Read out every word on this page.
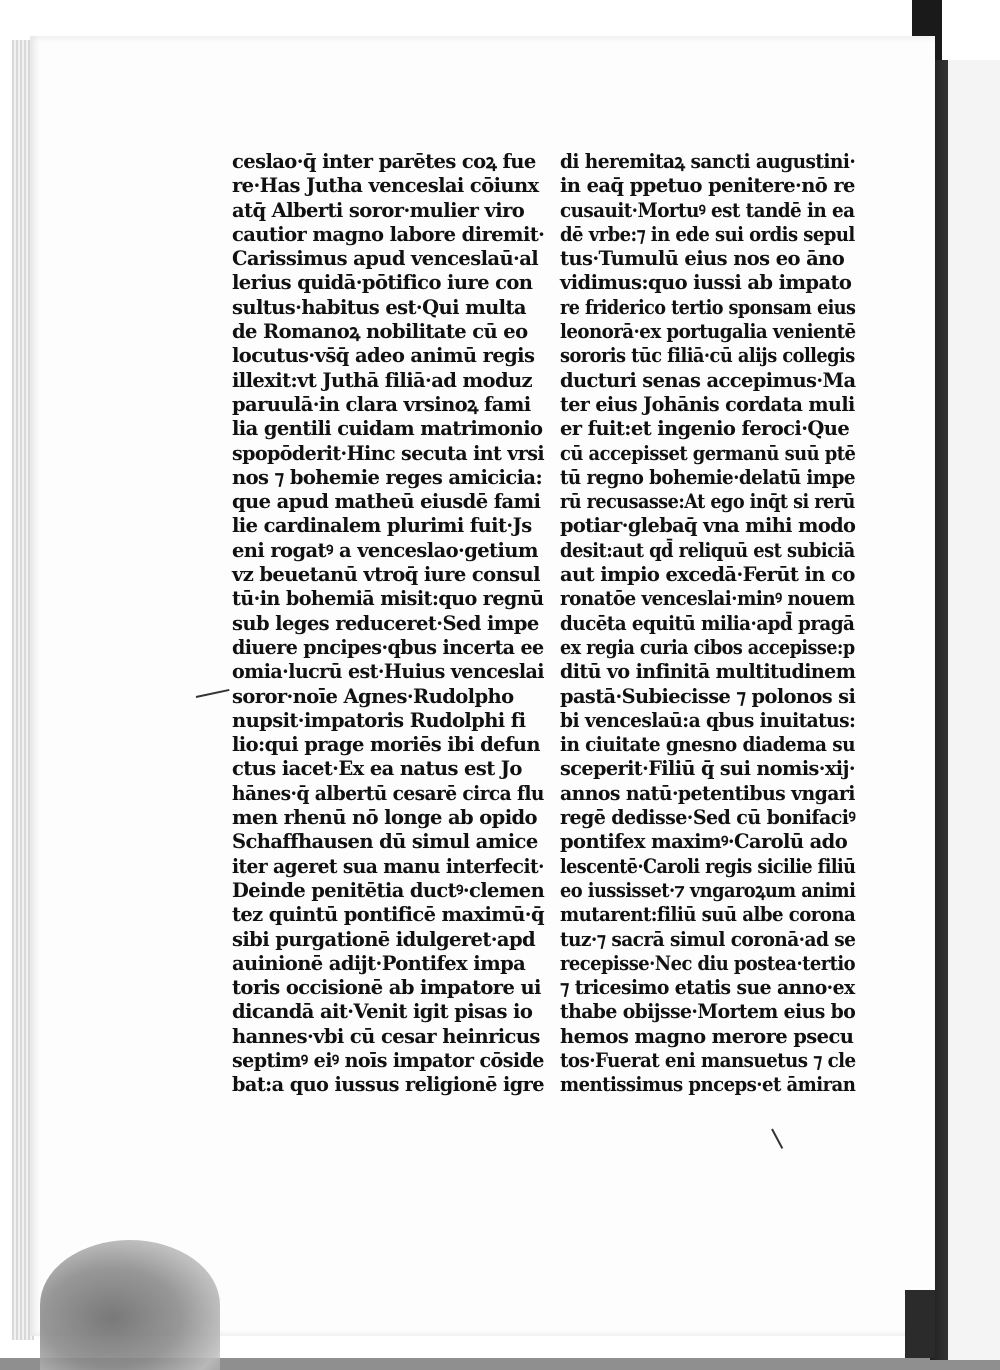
ceslao·q̄ inter parētes coꝝ fue
re·Has Jutha venceslai cōiunx
atq̄ Alberti soror·mulier viro
cautior magno labore diremit·
Carissimus apud venceslaū·al
lerius quidā·pōtifico iure con
sultus·habitus est·Qui multa
de Romanoꝝ nobilitate cū eo
locutus·vs̄q̄ adeo animū regis
illexit:vt Juthā filiā·ad moduz
paruulā·in clara vrsinoꝝ fami
lia gentili cuidam matrimonio
spopōderit·Hinc secuta int vrsi
nos ⁊ bohemie reges amicicia:
que apud matheū eiusdē fami
lie cardinalem plurimi fuit·Js
eni rogatꝰ a venceslao·getium
vz beuetanū vtroq̄ iure consul
tū·in bohemiā misit:quo regnū
sub leges reduceret·Sed impe
diuere pncipes·qbus incerta ee
omia·lucrū est·Huius venceslai
soror·noīe Agnes·Rudolpho
nupsit·impatoris Rudolphi fi
lio:qui prage moriēs ibi defun
ctus iacet·Ex ea natus est Jo
hānes·q̄ albertū cesarē circa flu
men rhenū nō longe ab opido
Schaffhausen dū simul amice
iter ageret sua manu interfecit·
Deinde penitētia ductꝰ·clemen
tez quintū pontificē maximū·q̄
sibi purgationē idulgeret·apd
auinionē adijt·Pontifex impa
toris occisionē ab impatore ui
dicandā ait·Venit igit pisas io
hannes·vbi cū cesar heinricus
septimꝰ eiꝰ noīs impator cōside
bat:a quo iussus religionē igre
di heremitaꝝ sancti augustini·
in eaq̄ ppetuo penitere·nō re
cusauit·Mortuꝰ est tandē in ea
dē vrbe:⁊ in ede sui ordis sepul
tus·Tumulū eius nos eo āno
vidimus:quo iussi ab impato
re friderico tertio sponsam eius
leonorā·ex portugalia venientē
sororis tūc filiā·cū alijs collegis
ducturi senas accepimus·Ma
ter eius Johānis cordata muli
er fuit:et ingenio feroci·Que
cū accepisset germanū suū ptē
tū regno bohemie·delatū impe
rū recusasse:At ego inq̄t si rerū
potiar·glebaq̄ vna mihi modo
desit:aut qd̄ reliquū est subiciā
aut impio excedā·Ferūt in co
ronatōe venceslai·minꝰ nouem
ducēta equitū milia·apd̄ pragā
ex regia curia cibos accepisse:p
ditū vo infinitā multitudinem
pastā·Subiecisse ⁊ polonos si
bi venceslaū:a qbus inuitatus:
in ciuitate gnesno diadema su
sceperit·Filiū q̄ sui nomis·xij·
annos natū·petentibus vngari
regē dedisse·Sed cū bonifaciꝰ
pontifex maximꝰ·Carolū ado
lescentē·Caroli regis sicilie filiū
eo iussisset·⁊ vngaroꝝum animi
mutarent:filiū suū albe corona
tuz·⁊ sacrā simul coronā·ad se
recepisse·Nec diu postea·tertio
⁊ tricesimo etatis sue anno·ex
thabe obijsse·Mortem eius bo
hemos magno merore psecu
tos·Fuerat eni mansuetus ⁊ cle
mentissimus pnceps·et āmiran
